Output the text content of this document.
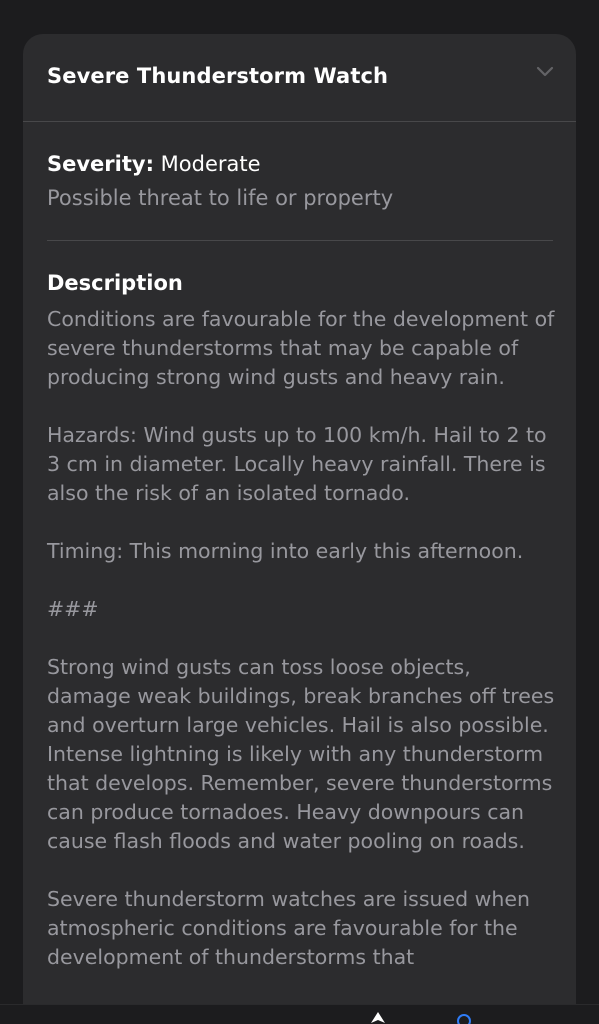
Severe Thunderstorm Watch
Severity: Moderate
Possible threat to life or property
Description

Conditions are favourable for the development of severe thunderstorms that may be capable of producing strong wind gusts and heavy rain.

Hazards: Wind gusts up to 100 km/h. Hail to 2 to 3 cm in diameter. Locally heavy rainfall. There is also the risk of an isolated tornado.

Timing: This morning into early this afternoon.

###

Strong wind gusts can toss loose objects, damage weak buildings, break branches off trees and overturn large vehicles. Hail is also possible. Intense lightning is likely with any thunderstorm that develops. Remember, severe thunderstorms can produce tornadoes. Heavy downpours can cause flash floods and water pooling on roads.

Severe thunderstorm watches are issued when atmospheric conditions are favourable for the development of thunderstorms that
